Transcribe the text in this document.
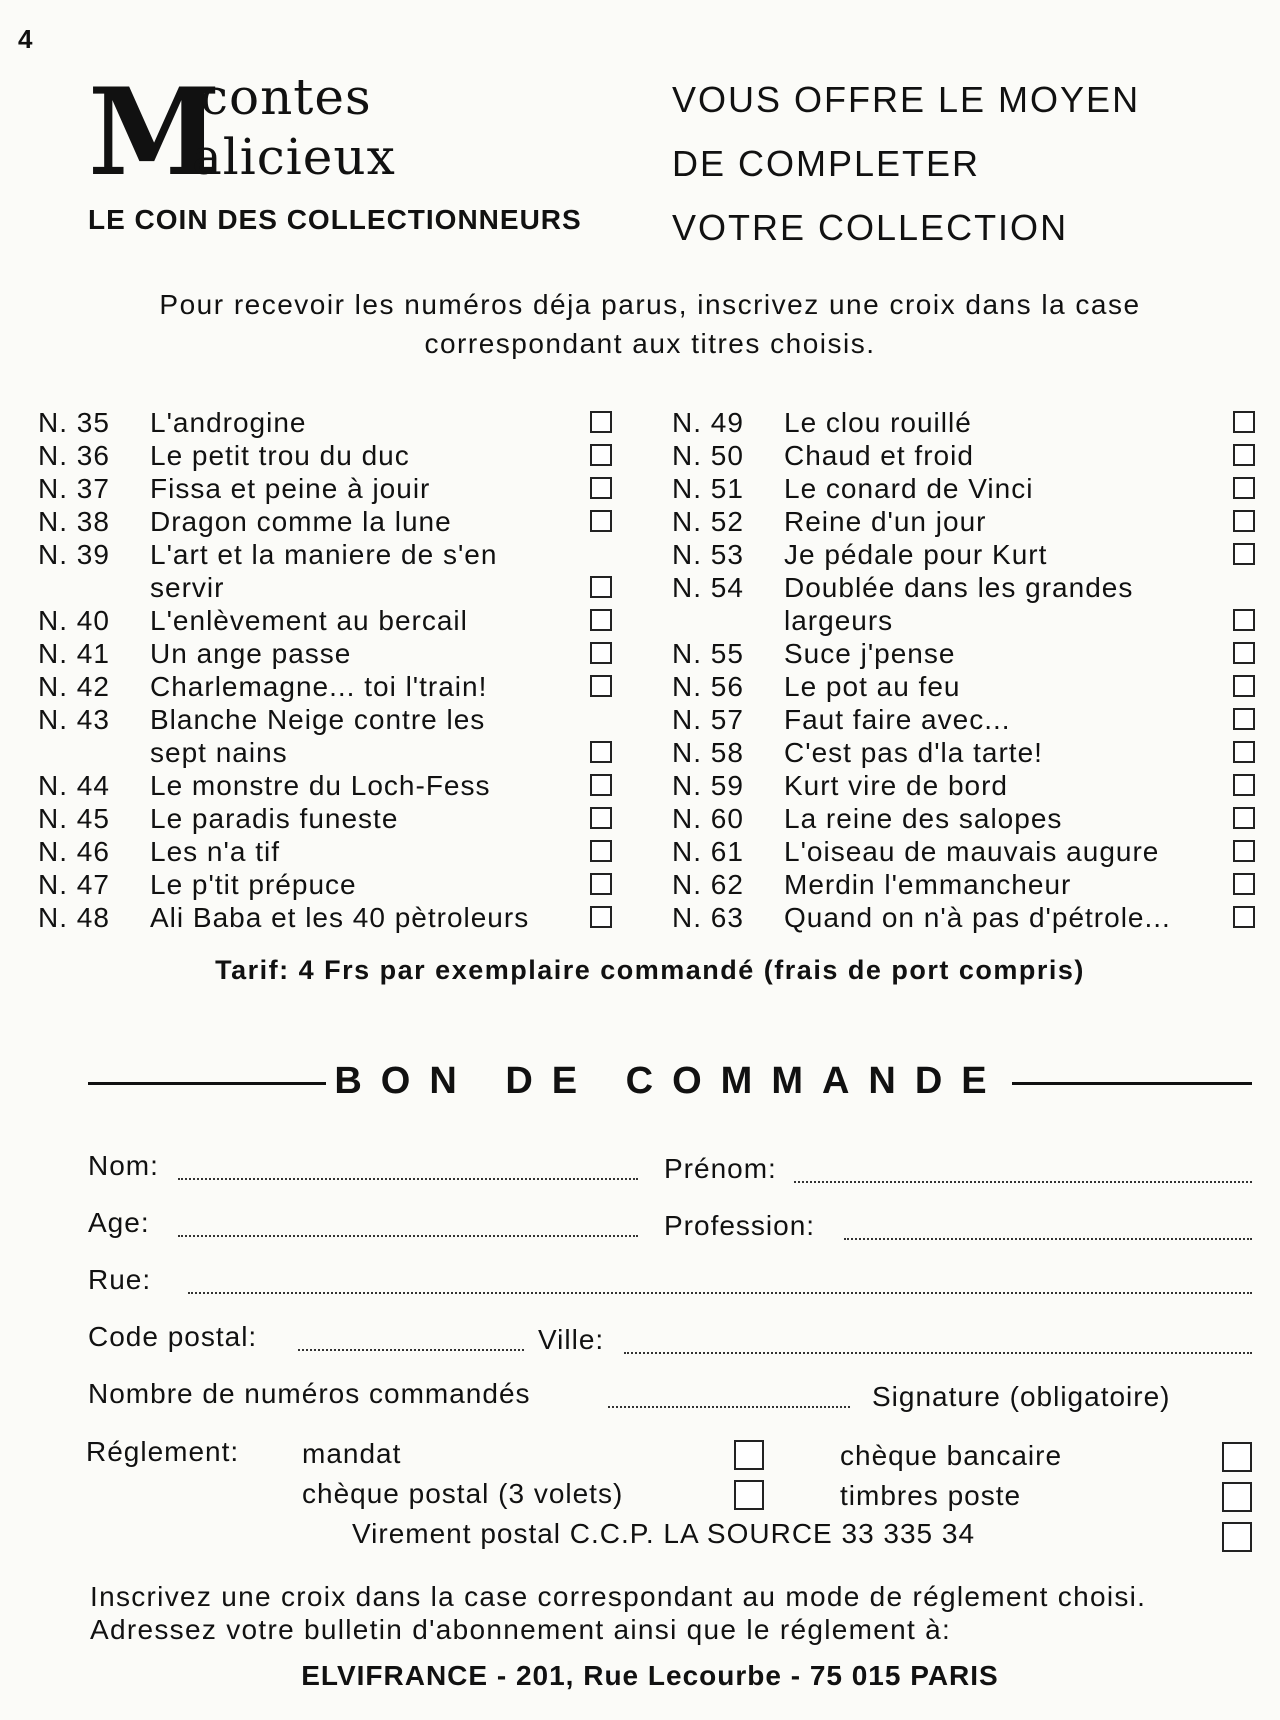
4
M
contes
alicieux
LE COIN DES COLLECTIONNEURS
VOUS OFFRE LE MOYEN
DE COMPLETER
VOTRE COLLECTION
Pour recevoir les numéros déja parus, inscrivez une croix dans la case
correspondant aux titres choisis.
N. 35 L'androgine
N. 36 Le petit trou du duc
N. 37 Fissa et peine à jouir
N. 38 Dragon comme la lune
N. 39 L'art et la maniere de s'en servir
N. 40 L'enlèvement au bercail
N. 41 Un ange passe
N. 42 Charlemagne... toi l'train!
N. 43 Blanche Neige contre les sept nains
N. 44 Le monstre du Loch-Fess
N. 45 Le paradis funeste
N. 46 Les n'a tif
N. 47 Le p'tit prépuce
N. 48 Ali Baba et les 40 pètroleurs
N. 49 Le clou rouillé
N. 50 Chaud et froid
N. 51 Le conard de Vinci
N. 52 Reine d'un jour
N. 53 Je pédale pour Kurt
N. 54 Doublée dans les grandes largeurs
N. 55 Suce j'pense
N. 56 Le pot au feu
N. 57 Faut faire avec...
N. 58 C'est pas d'la tarte!
N. 59 Kurt vire de bord
N. 60 La reine des salopes
N. 61 L'oiseau de mauvais augure
N. 62 Merdin l'emmancheur
N. 63 Quand on n'à pas d'pétrole...
Tarif: 4 Frs par exemplaire commandé (frais de port compris)
BON DE COMMANDE
Nom:	Prénom:
Age:	Profession:
Rue:
Code postal:	Ville:
Nombre de numéros commandés	Signature (obligatoire)
Réglement: mandat	chèque bancaire
chèque postal (3 volets)	timbres poste
Virement postal C.C.P. LA SOURCE 33 335 34
Inscrivez une croix dans la case correspondant au mode de réglement choisi.
Adressez votre bulletin d'abonnement ainsi que le réglement à:
ELVIFRANCE - 201, Rue Lecourbe - 75 015 PARIS
